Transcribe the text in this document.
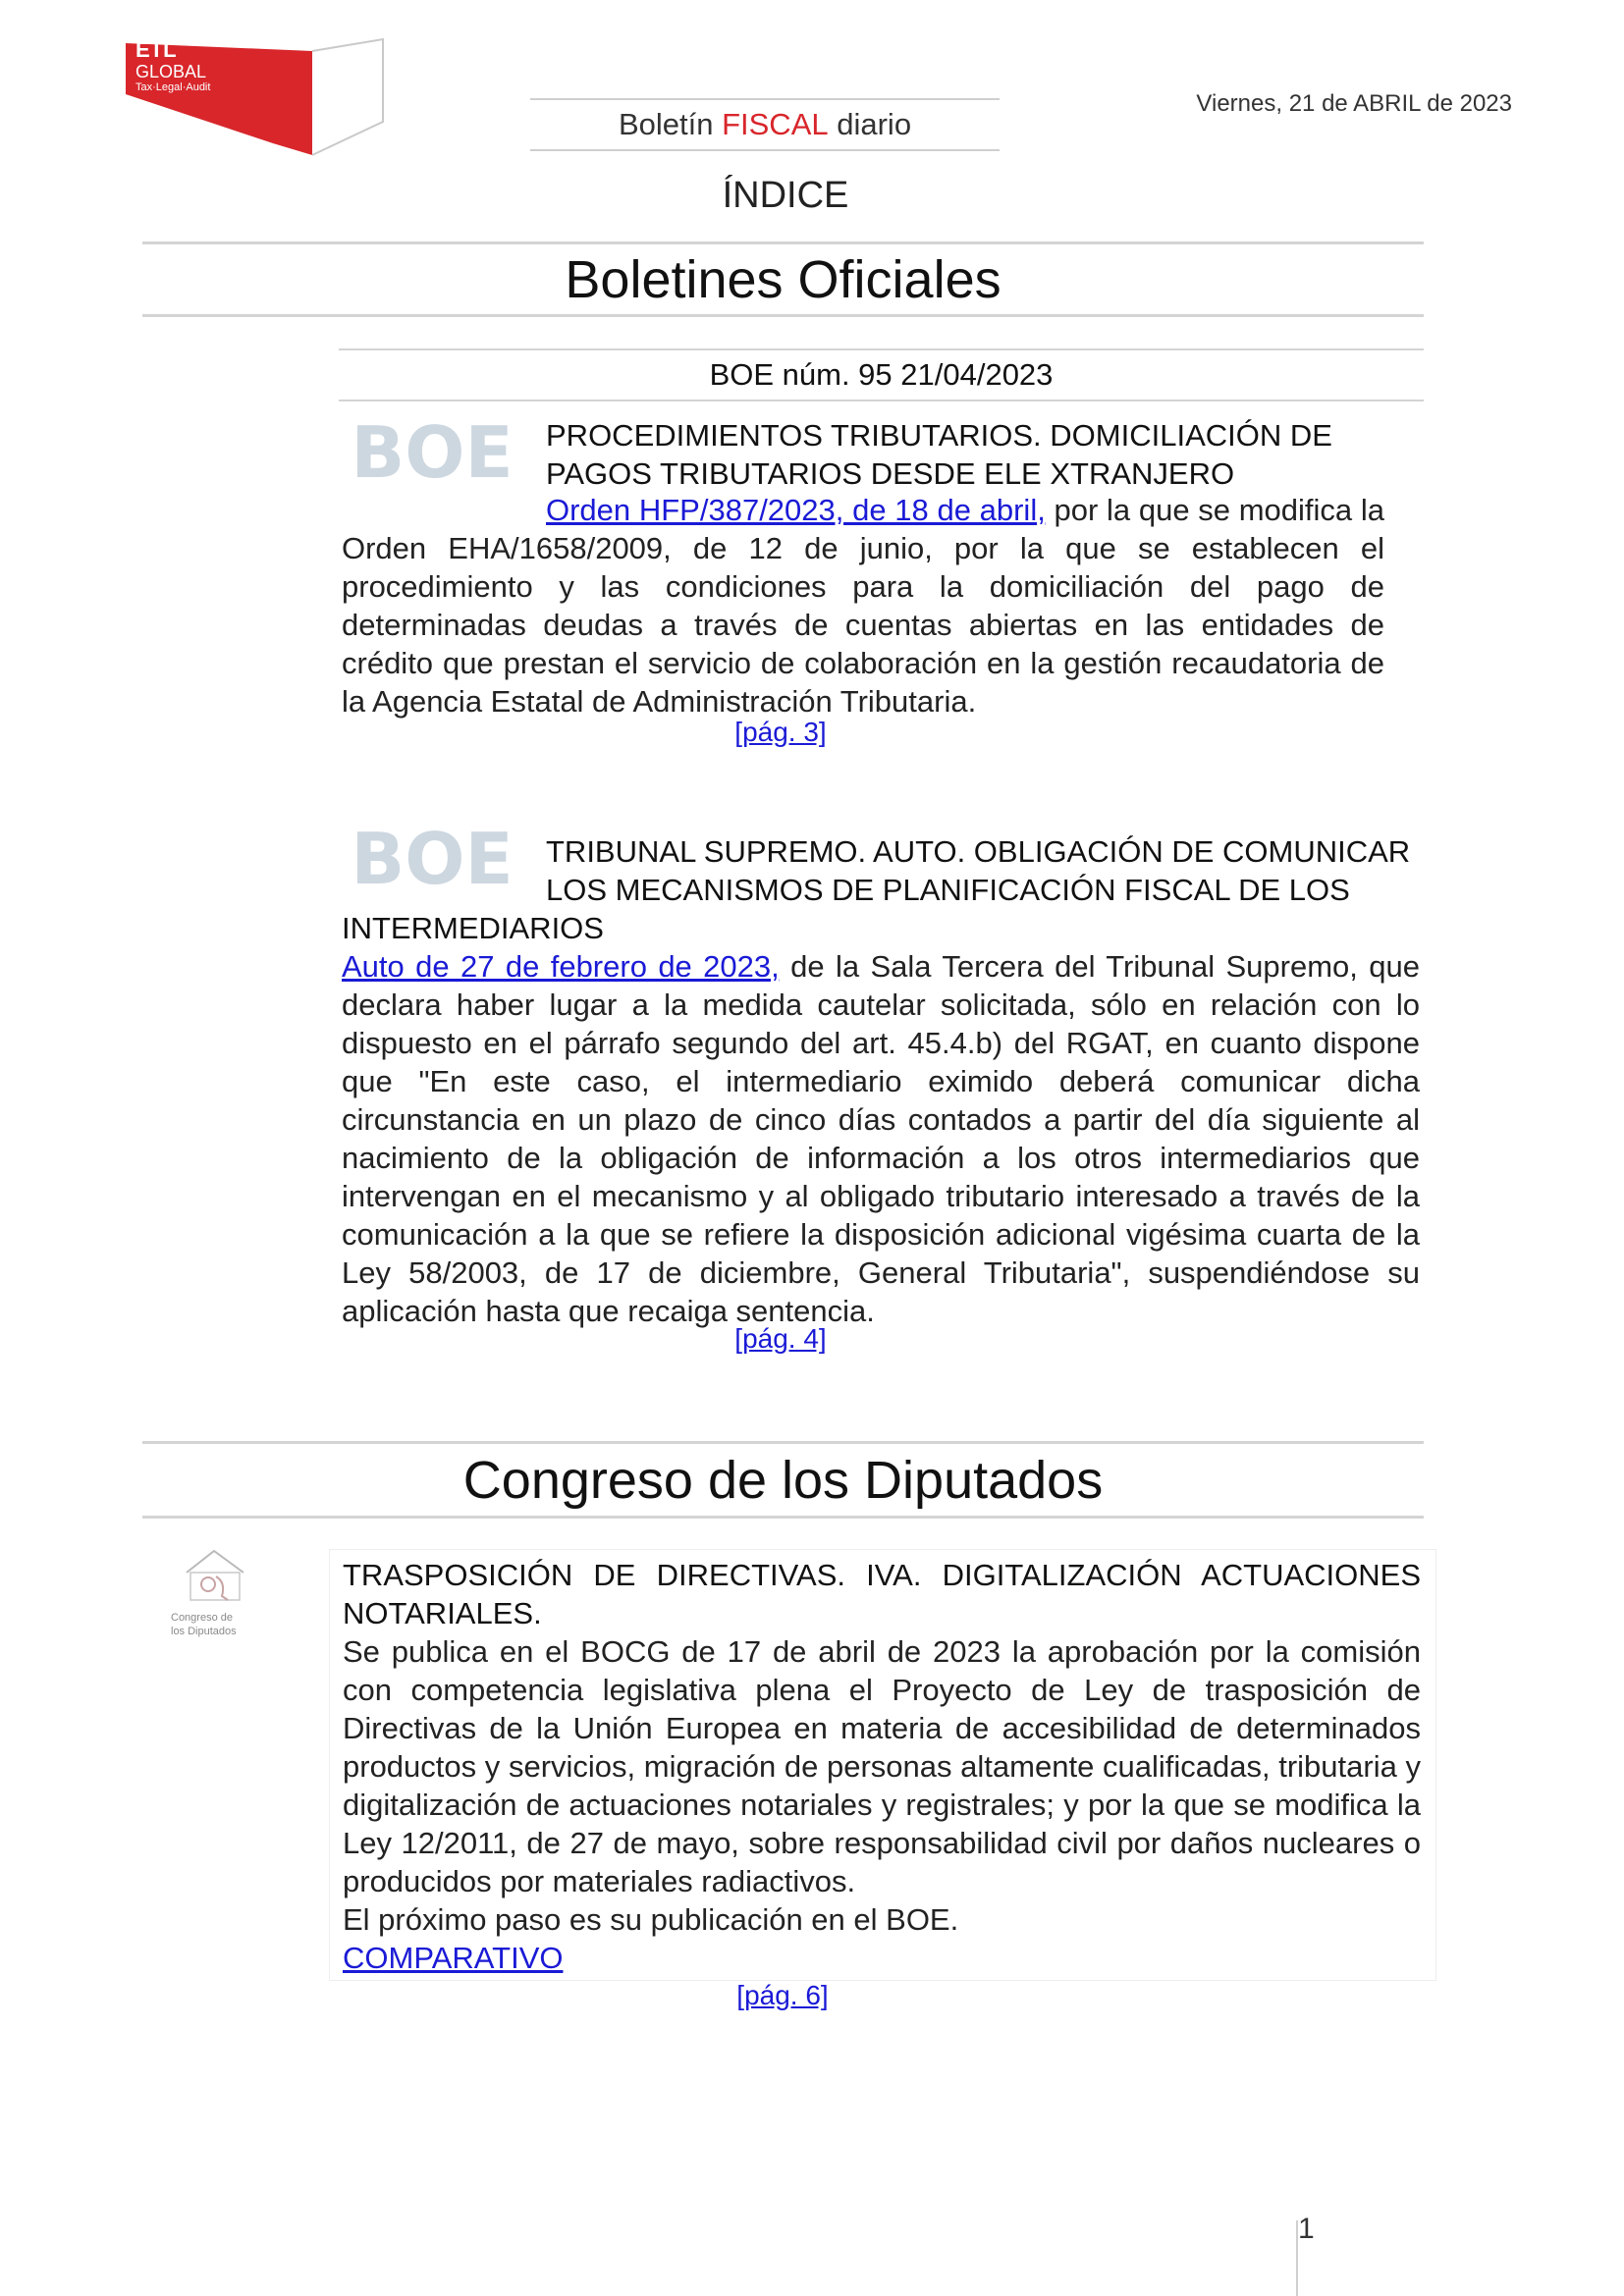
ETL
GLOBAL
Tax·Legal·Audit
Boletín
FISCAL
diario
Viernes, 21 de ABRIL de 2023
ÍNDICE
Boletines Oficiales
BOE núm. 95 21/04/2023
BOE PROCEDIMIENTOS TRIBUTARIOS. DOMICILIACIÓN DE
PAGOS TRIBUTARIOS DESDE ELE XTRANJERO
Orden HFP/387/2023, de 18 de abril, por la que se modifica la Orden EHA/1658/2009, de 12 de junio, por la que se establecen el procedimiento y las condiciones para la domiciliación del pago de determinadas deudas a través de cuentas abiertas en las entidades de crédito que prestan el servicio de colaboración en la gestión recaudatoria de la Agencia Estatal de Administración Tributaria.
[pág. 3]
BOE TRIBUNAL SUPREMO. AUTO. OBLIGACIÓN DE COMUNICAR
LOS MECANISMOS DE PLANIFICACIÓN FISCAL DE LOS
INTERMEDIARIOS
Auto de 27 de febrero de 2023, de la Sala Tercera del Tribunal Supremo, que declara haber lugar a la medida cautelar solicitada, sólo en relación con lo dispuesto en el párrafo segundo del art. 45.4.b) del RGAT, en cuanto dispone que "En este caso, el intermediario eximido deberá comunicar dicha circunstancia en un plazo de cinco días contados a partir del día siguiente al nacimiento de la obligación de información a los otros intermediarios que intervengan en el mecanismo y al obligado tributario interesado a través de la comunicación a la que se refiere la disposición adicional vigésima cuarta de la Ley 58/2003, de 17 de diciembre, General Tributaria", suspendiéndose su aplicación hasta que recaiga sentencia.
[pág. 4]
Congreso de los Diputados
Congreso de
los Diputados
TRASPOSICIÓN DE DIRECTIVAS. IVA. DIGITALIZACIÓN ACTUACIONES NOTARIALES.
Se publica en el BOCG de 17 de abril de 2023 la aprobación por la comisión con competencia legislativa plena el Proyecto de Ley de trasposición de Directivas de la Unión Europea en materia de accesibilidad de determinados productos y servicios, migración de personas altamente cualificadas, tributaria y digitalización de actuaciones notariales y registrales; y por la que se modifica la Ley 12/2011, de 27 de mayo, sobre responsabilidad civil por daños nucleares o producidos por materiales radiactivos.
El próximo paso es su publicación en el BOE.
COMPARATIVO
[pág. 6]
1
